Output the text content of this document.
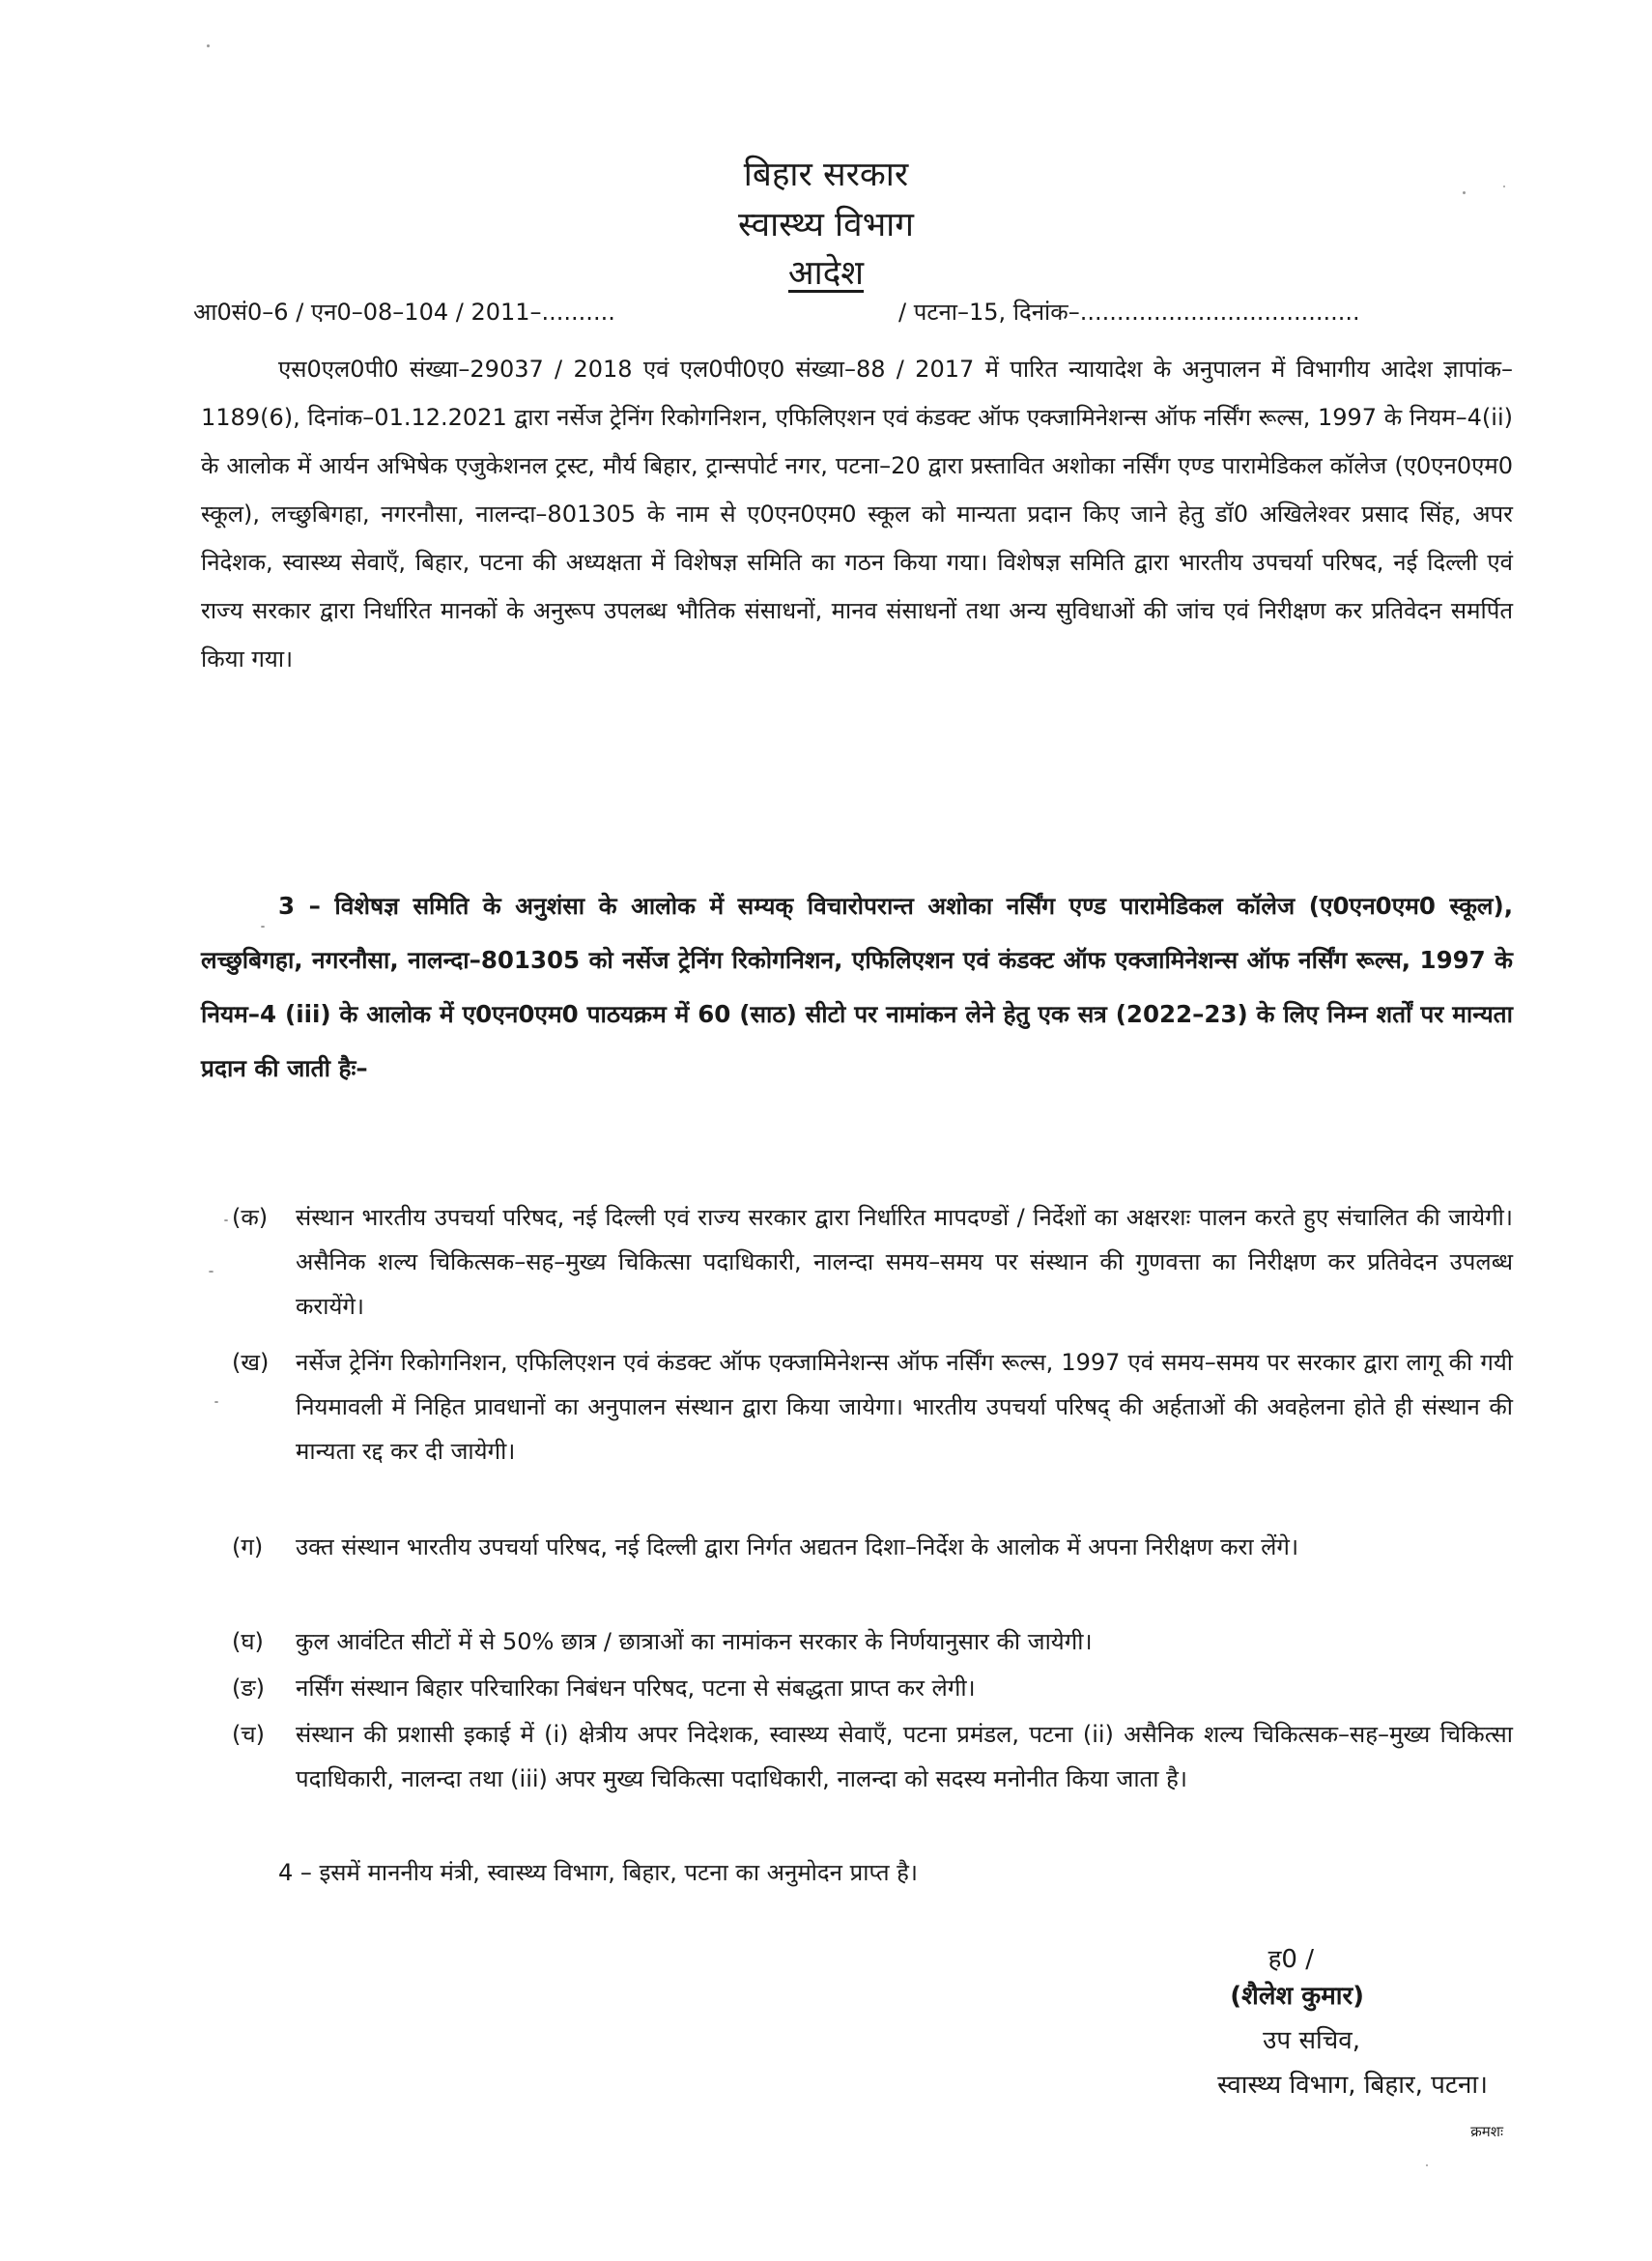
बिहार सरकार
स्वास्थ्य विभाग
आदेश
आ0सं0–6 / एन0–08–104 / 2011–..........	/ पटना–15, दिनांक–......................................
एस0एल0पी0 संख्या–29037 / 2018 एवं एल0पी0ए0 संख्या–88 / 2017 में पारित न्यायादेश के अनुपालन में विभागीय आदेश ज्ञापांक–1189(6), दिनांक–01.12.2021 द्वारा नर्सेज ट्रेनिंग रिकोगनिशन, एफिलिएशन एवं कंडक्ट ऑफ एक्जामिनेशन्स ऑफ नर्सिंग रूल्स, 1997 के नियम–4(ii) के आलोक में आर्यन अभिषेक एजुकेशनल ट्रस्ट, मौर्य बिहार, ट्रान्सपोर्ट नगर, पटना–20 द्वारा प्रस्तावित अशोका नर्सिंग एण्ड पारामेडिकल कॉलेज (ए0एन0एम0 स्कूल), लच्छुबिगहा, नगरनौसा, नालन्दा–801305 के नाम से ए0एन0एम0 स्कूल को मान्यता प्रदान किए जाने हेतु डॉ0 अखिलेश्वर प्रसाद सिंह, अपर निदेशक, स्वास्थ्य सेवाएँ, बिहार, पटना की अध्यक्षता में विशेषज्ञ समिति का गठन किया गया। विशेषज्ञ समिति द्वारा भारतीय उपचर्या परिषद, नई दिल्ली एवं राज्य सरकार द्वारा निर्धारित मानकों के अनुरूप उपलब्ध भौतिक संसाधनों, मानव संसाधनों तथा अन्य सुविधाओं की जांच एवं निरीक्षण कर प्रतिवेदन समर्पित किया गया।
3 – विशेषज्ञ समिति के अनुशंसा के आलोक में सम्यक् विचारोपरान्त अशोका नर्सिंग एण्ड पारामेडिकल कॉलेज (ए0एन0एम0 स्कूल), लच्छुबिगहा, नगरनौसा, नालन्दा–801305 को नर्सेज ट्रेनिंग रिकोगनिशन, एफिलिएशन एवं कंडक्ट ऑफ एक्जामिनेशन्स ऑफ नर्सिंग रूल्स, 1997 के नियम–4 (iii) के आलोक में ए0एन0एम0 पाठयक्रम में 60 (साठ) सीटो पर नामांकन लेने हेतु एक सत्र (2022–23) के लिए निम्न शर्तों पर मान्यता प्रदान की जाती हैः–
(क)	संस्थान भारतीय उपचर्या परिषद, नई दिल्ली एवं राज्य सरकार द्वारा निर्धारित मापदण्डों / निर्देशों का अक्षरशः पालन करते हुए संचालित की जायेगी। असैनिक शल्य चिकित्सक–सह–मुख्य चिकित्सा पदाधिकारी, नालन्दा समय–समय पर संस्थान की गुणवत्ता का निरीक्षण कर प्रतिवेदन उपलब्ध करायेंगे।
(ख)	नर्सेज ट्रेनिंग रिकोगनिशन, एफिलिएशन एवं कंडक्ट ऑफ एक्जामिनेशन्स ऑफ नर्सिंग रूल्स, 1997 एवं समय–समय पर सरकार द्वारा लागू की गयी नियमावली में निहित प्रावधानों का अनुपालन संस्थान द्वारा किया जायेगा। भारतीय उपचर्या परिषद् की अर्हताओं की अवहेलना होते ही संस्थान की मान्यता रद्द कर दी जायेगी।
(ग)	उक्त संस्थान भारतीय उपचर्या परिषद, नई दिल्ली द्वारा निर्गत अद्यतन दिशा–निर्देश के आलोक में अपना निरीक्षण करा लेंगे।
(घ)	कुल आवंटित सीटों में से 50% छात्र / छात्राओं का नामांकन सरकार के निर्णयानुसार की जायेगी।
(ङ)	नर्सिंग संस्थान बिहार परिचारिका निबंधन परिषद, पटना से संबद्धता प्राप्त कर लेगी।
(च)	संस्थान की प्रशासी इकाई में (i) क्षेत्रीय अपर निदेशक, स्वास्थ्य सेवाएँ, पटना प्रमंडल, पटना (ii) असैनिक शल्य चिकित्सक–सह–मुख्य चिकित्सा पदाधिकारी, नालन्दा तथा (iii) अपर मुख्य चिकित्सा पदाधिकारी, नालन्दा को सदस्य मनोनीत किया जाता है।
4 – इसमें माननीय मंत्री, स्वास्थ्य विभाग, बिहार, पटना का अनुमोदन प्राप्त है।
ह0 /
(शैलेश कुमार)
उप सचिव,
स्वास्थ्य विभाग, बिहार, पटना।
क्रमशः
